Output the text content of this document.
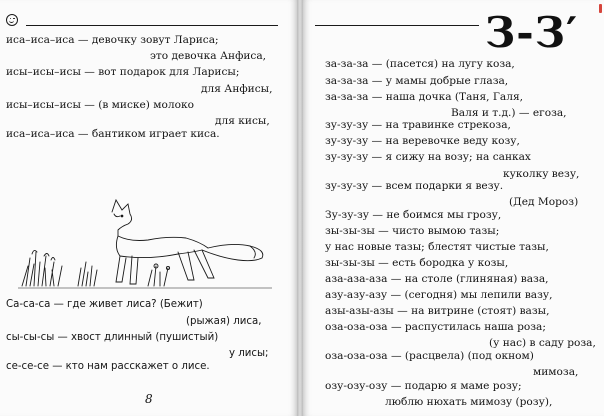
иса–иса–иса — девочку зовут Лариса;
это девочка Анфиса,
исы–исы–исы — вот подарок для Ларисы;
для Анфисы,
исы–исы–исы — (в миске) молоко
для кисы,
иса–иса–иса — бантиком играет киса.
Са-са-са — где живет лиса? (Бежит)
(рыжая) лиса,
сы-сы-сы — хвост длинный (пушистый)
у лисы;
се-се-се — кто нам расскажет о лисе.
8
З-З′
за-за-за — (пасется) на лугу коза,
за-за-за — у мамы добрые глаза,
за-за-за — наша дочка (Таня, Галя,
Валя и т.д.) — егоза,
зу-зу-зу — на травинке стрекоза,
зу-зу-зу — на веревочке веду козу,
зу-зу-зу — я сижу на возу; на санках
куколку везу,
зу-зу-зу — всем подарки я везу.
(Дед Мороз)
Зу-зу-зу — не боимся мы грозу,
зы-зы-зы — чисто вымою тазы;
у нас новые тазы; блестят чистые тазы,
зы-зы-зы — есть бородка у козы,
аза-аза-аза — на столе (глиняная) ваза,
азу-азу-азу — (сегодня) мы лепили вазу,
азы-азы-азы — на витрине (стоят) вазы,
оза-оза-оза — распустилась наша роза;
(у нас) в саду роза,
оза-оза-оза — (расцвела) (под окном)
мимоза,
озу-озу-озу — подарю я маме розу;
люблю нюхать мимозу (розу),
